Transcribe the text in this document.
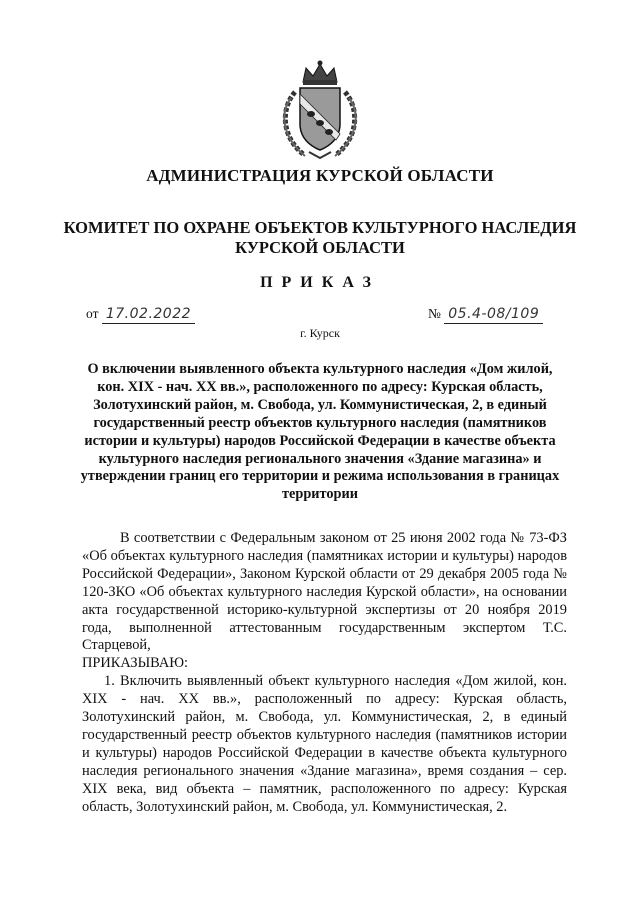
АДМИНИСТРАЦИЯ КУРСКОЙ ОБЛАСТИ
КОМИТЕТ ПО ОХРАНЕ ОБЪЕКТОВ КУЛЬТУРНОГО НАСЛЕДИЯ
КУРСКОЙ ОБЛАСТИ
ПРИКАЗ
от 17.02.2022	№ 05.4-08/109
г. Курск
О включении выявленного объекта культурного наследия «Дом жилой, кон. XIX - нач. XX вв.», расположенного по адресу: Курская область, Золотухинский район, м. Свобода, ул. Коммунистическая, 2, в единый государственный реестр объектов культурного наследия (памятников истории и культуры) народов Российской Федерации в качестве объекта культурного наследия регионального значения «Здание магазина» и утверждении границ его территории и режима использования в границах территории

В соответствии с Федеральным законом от 25 июня 2002 года № 73-ФЗ «Об объектах культурного наследия (памятниках истории и культуры) народов Российской Федерации», Законом Курской области от 29 декабря 2005 года № 120-ЗКО «Об объектах культурного наследия Курской области», на основании акта государственной историко-культурной экспертизы от 20 ноября 2019 года, выполненной аттестованным государственным экспертом Т.С. Старцевой,

ПРИКАЗЫВАЮ:

1. Включить выявленный объект культурного наследия «Дом жилой, кон. XIX - нач. XX вв.», расположенный по адресу: Курская область, Золотухинский район, м. Свобода, ул. Коммунистическая, 2, в единый государственный реестр объектов культурного наследия (памятников истории и культуры) народов Российской Федерации в качестве объекта культурного наследия регионального значения «Здание магазина», время создания – сер. XIX века, вид объекта – памятник, расположенного по адресу: Курская область, Золотухинский район, м. Свобода, ул. Коммунистическая, 2.
